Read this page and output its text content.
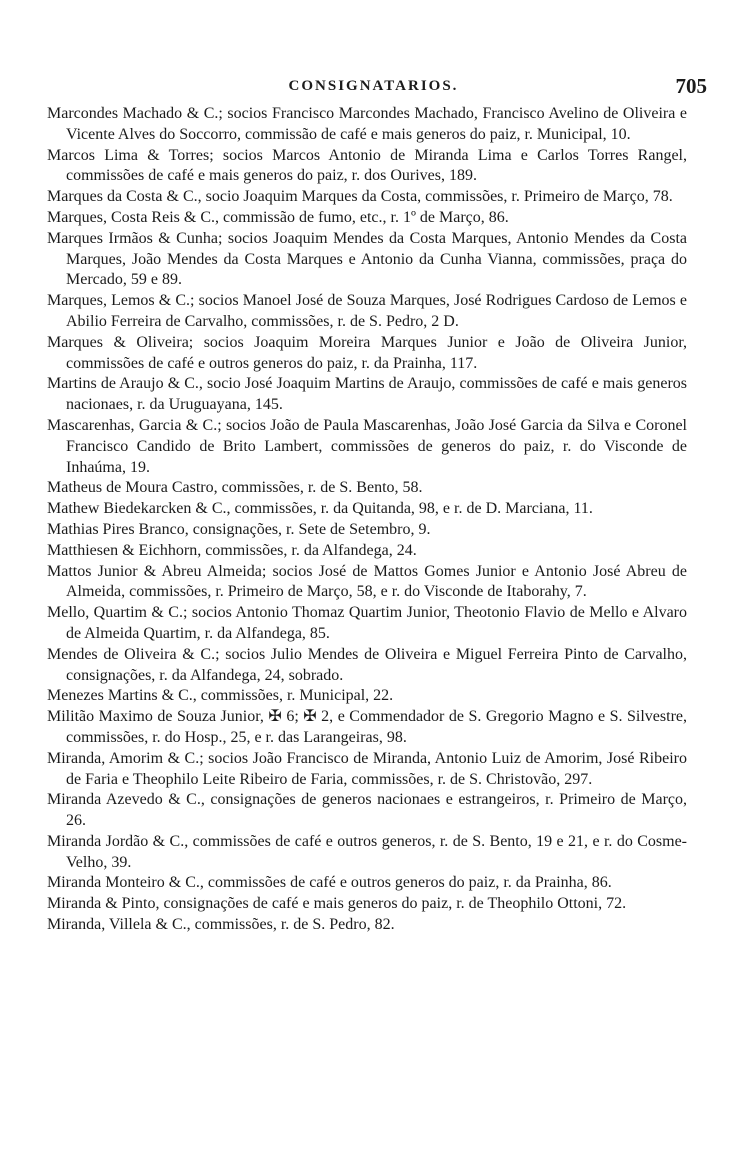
CONSIGNATARIOS.	705

Marcondes Machado & C.; socios Francisco Marcondes Machado, Francisco Avelino de Oliveira e Vicente Alves do Soccorro, commissão de café e mais generos do paiz, r. Municipal, 10.

Marcos Lima & Torres; socios Marcos Antonio de Miranda Lima e Carlos Torres Rangel, commissões de café e mais generos do paiz, r. dos Ourives, 189.

Marques da Costa & C., socio Joaquim Marques da Costa, commissões, r. Primeiro de Março, 78.

Marques, Costa Reis & C., commissão de fumo, etc., r. 1º de Março, 86.

Marques Irmãos & Cunha; socios Joaquim Mendes da Costa Marques, Antonio Mendes da Costa Marques, João Mendes da Costa Marques e Antonio da Cunha Vianna, commissões, praça do Mercado, 59 e 89.

Marques, Lemos & C.; socios Manoel José de Souza Marques, José Rodrigues Cardoso de Lemos e Abilio Ferreira de Carvalho, commissões, r. de S. Pedro, 2 D.

Marques & Oliveira; socios Joaquim Moreira Marques Junior e João de Oliveira Junior, commissões de café e outros generos do paiz, r. da Prainha, 117.

Martins de Araujo & C., socio José Joaquim Martins de Araujo, commissões de café e mais generos nacionaes, r. da Uruguayana, 145.

Mascarenhas, Garcia & C.; socios João de Paula Mascarenhas, João José Garcia da Silva e Coronel Francisco Candido de Brito Lambert, commissões de generos do paiz, r. do Visconde de Inhaúma, 19.

Matheus de Moura Castro, commissões, r. de S. Bento, 58.

Mathew Biedekarcken & C., commissões, r. da Quitanda, 98, e r. de D. Marciana, 11.

Mathias Pires Branco, consignações, r. Sete de Setembro, 9.

Matthiesen & Eichhorn, commissões, r. da Alfandega, 24.

Mattos Junior & Abreu Almeida; socios José de Mattos Gomes Junior e Antonio José Abreu de Almeida, commissões, r. Primeiro de Março, 58, e r. do Visconde de Itaborahy, 7.

Mello, Quartim & C.; socios Antonio Thomaz Quartim Junior, Theotonio Flavio de Mello e Alvaro de Almeida Quartim, r. da Alfandega, 85.

Mendes de Oliveira & C.; socios Julio Mendes de Oliveira e Miguel Ferreira Pinto de Carvalho, consignações, r. da Alfandega, 24, sobrado.

Menezes Martins & C., commissões, r. Municipal, 22.

Militão Maximo de Souza Junior, ✠ 6; ✠ 2, e Commendador de S. Gregorio Magno e S. Silvestre, commissões, r. do Hosp., 25, e r. das Larangeiras, 98.

Miranda, Amorim & C.; socios João Francisco de Miranda, Antonio Luiz de Amorim, José Ribeiro de Faria e Theophilo Leite Ribeiro de Faria, commissões, r. de S. Christovão, 297.

Miranda Azevedo & C., consignações de generos nacionaes e estrangeiros, r. Primeiro de Março, 26.

Miranda Jordão & C., commissões de café e outros generos, r. de S. Bento, 19 e 21, e r. do Cosme-Velho, 39.

Miranda Monteiro & C., commissões de café e outros generos do paiz, r. da Prainha, 86.

Miranda & Pinto, consignações de café e mais generos do paiz, r. de Theophilo Ottoni, 72.

Miranda, Villela & C., commissões, r. de S. Pedro, 82.
